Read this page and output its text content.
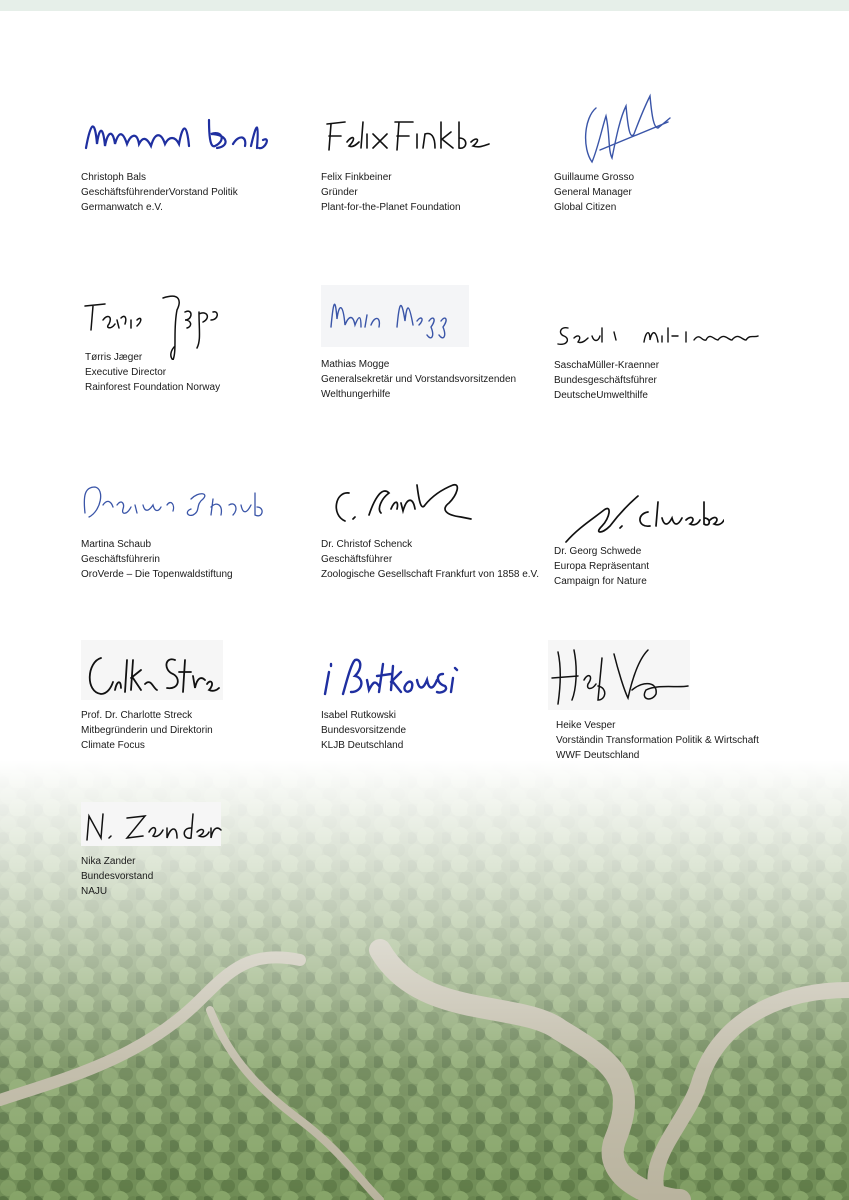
Christoph Bals
GeschäftsführenderVorstand Politik
Germanwatch e.V.
Felix Finkbeiner
Gründer
Plant-for-the-Planet Foundation
Guillaume Grosso
General Manager
Global Citizen
Tørris Jæger
Executive Director
Rainforest Foundation Norway
Mathias Mogge
Generalsekretär und Vorstandsvorsitzenden
Welthungerhilfe
SaschaMüller-Kraenner
Bundesgeschäftsführer
DeutscheUmwelthilfe
Martina Schaub
Geschäftsführerin
OroVerde – Die Topenwaldstiftung
Dr. Christof Schenck
Geschäftsführer
Zoologische Gesellschaft Frankfurt von 1858 e.V.
Dr. Georg Schwede
Europa Repräsentant
Campaign for Nature
Prof. Dr. Charlotte Streck
Mitbegründerin und Direktorin
Climate Focus
Isabel Rutkowski
Bundesvorsitzende
KLJB Deutschland
Heike Vesper
Vorständin Transformation Politik & Wirtschaft
WWF Deutschland
Nika Zander
Bundesvorstand
NAJU
